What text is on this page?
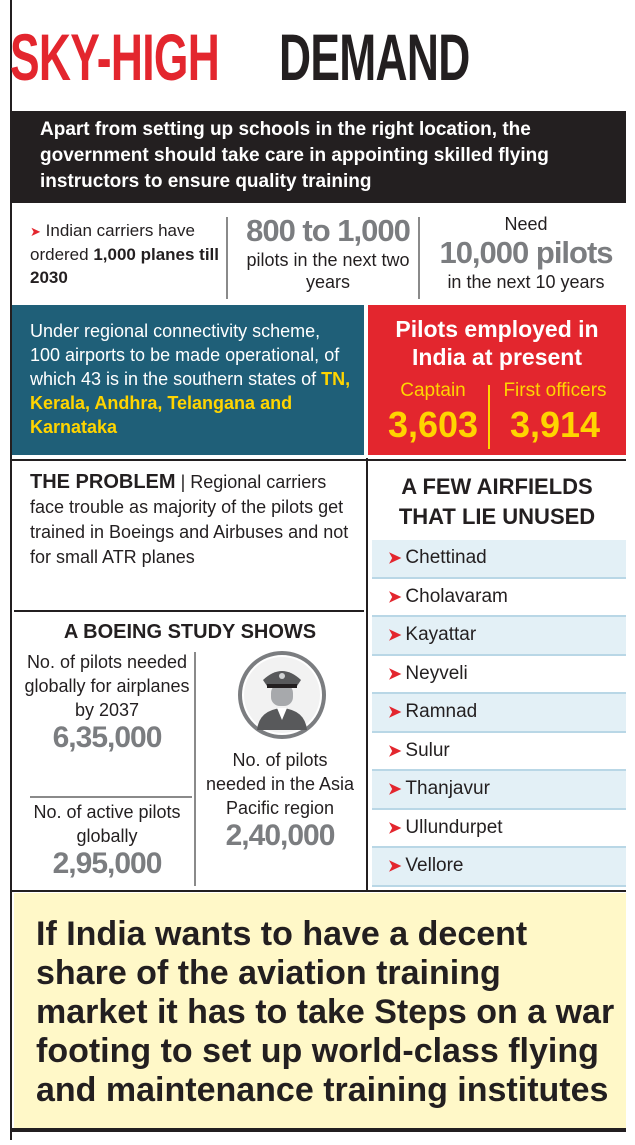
SKY-HIGH DEMAND
Apart from setting up schools in the right location, the government should take care in appointing skilled flying instructors to ensure quality training
➤ Indian carriers have ordered 1,000 planes till 2030
800 to 1,000
pilots in the next two years
Need
10,000 pilots
in the next 10 years
Under regional connectivity scheme, 100 airports to be made operational, of which 43 is in the southern states of TN, Kerala, Andhra, Telangana and Karnataka
Pilots employed in India at present
Captain
3,603
First officers
3,914
THE PROBLEM | Regional carriers face trouble as majority of the pilots get trained in Boeings and Airbuses and not for small ATR planes
A BOEING STUDY SHOWS
No. of pilots needed globally for airplanes by 2037
6,35,000
No. of active pilots globally
2,95,000
No. of pilots needed in the Asia Pacific region
2,40,000
A FEW AIRFIELDS THAT LIE UNUSED
➤ Chettinad
➤ Cholavaram
➤ Kayattar
➤ Neyveli
➤ Ramnad
➤ Sulur
➤ Thanjavur
➤ Ullundurpet
➤ Vellore
If India wants to have a decent share of the aviation training market it has to take Steps on a war footing to set up world-class flying and maintenance training institutes
